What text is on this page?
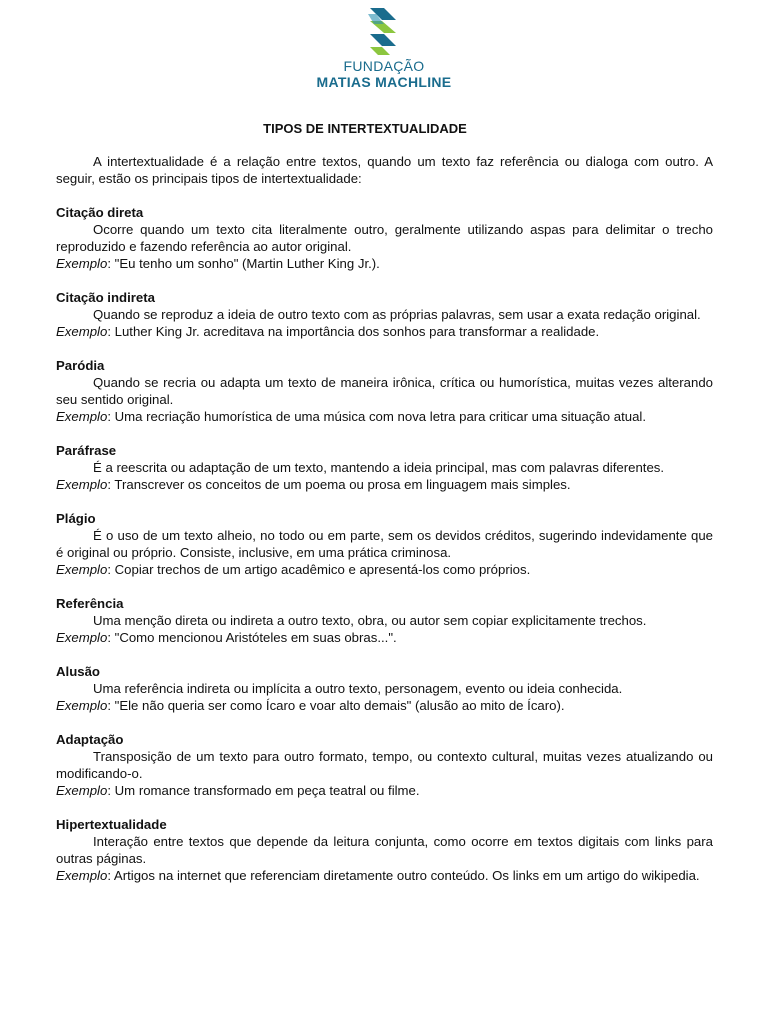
FUNDAÇÃO
MATIAS MACHLINE
TIPOS DE INTERTEXTUALIDADE

A intertextualidade é a relação entre textos, quando um texto faz referência ou dialoga com outro. A seguir, estão os principais tipos de intertextualidade:

Citação direta

Ocorre quando um texto cita literalmente outro, geralmente utilizando aspas para delimitar o trecho reproduzido e fazendo referência ao autor original.

Exemplo: "Eu tenho um sonho" (Martin Luther King Jr.).

Citação indireta

Quando se reproduz a ideia de outro texto com as próprias palavras, sem usar a exata redação original.

Exemplo: Luther King Jr. acreditava na importância dos sonhos para transformar a realidade.

Paródia

Quando se recria ou adapta um texto de maneira irônica, crítica ou humorística, muitas vezes alterando seu sentido original.

Exemplo: Uma recriação humorística de uma música com nova letra para criticar uma situação atual.

Paráfrase

É a reescrita ou adaptação de um texto, mantendo a ideia principal, mas com palavras diferentes.

Exemplo: Transcrever os conceitos de um poema ou prosa em linguagem mais simples.

Plágio

É o uso de um texto alheio, no todo ou em parte, sem os devidos créditos, sugerindo indevidamente que é original ou próprio. Consiste, inclusive, em uma prática criminosa.

Exemplo: Copiar trechos de um artigo acadêmico e apresentá-los como próprios.

Referência

Uma menção direta ou indireta a outro texto, obra, ou autor sem copiar explicitamente trechos.

Exemplo: "Como mencionou Aristóteles em suas obras...".

Alusão

Uma referência indireta ou implícita a outro texto, personagem, evento ou ideia conhecida.

Exemplo: "Ele não queria ser como Ícaro e voar alto demais" (alusão ao mito de Ícaro).

Adaptação

Transposição de um texto para outro formato, tempo, ou contexto cultural, muitas vezes atualizando ou modificando-o.

Exemplo: Um romance transformado em peça teatral ou filme.

Hipertextualidade

Interação entre textos que depende da leitura conjunta, como ocorre em textos digitais com links para outras páginas.

Exemplo: Artigos na internet que referenciam diretamente outro conteúdo. Os links em um artigo do wikipedia.
